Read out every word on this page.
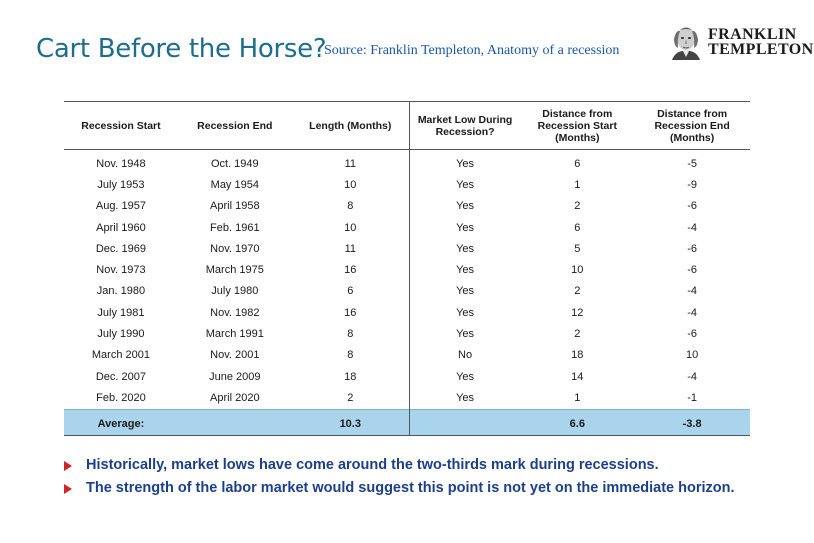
Cart Before the Horse?
Source: Franklin Templeton, Anatomy of a recession
FRANKLIN
TEMPLETON
Recession Start	Recession End	Length (Months)	Market Low During Recession?	Distance from Recession Start (Months)	Distance from Recession End (Months)
Nov. 1948	Oct. 1949	11	Yes	6	-5
July 1953	May 1954	10	Yes	1	-9
Aug. 1957	April 1958	8	Yes	2	-6
April 1960	Feb. 1961	10	Yes	6	-4
Dec. 1969	Nov. 1970	11	Yes	5	-6
Nov. 1973	March 1975	16	Yes	10	-6
Jan. 1980	July 1980	6	Yes	2	-4
July 1981	Nov. 1982	16	Yes	12	-4
July 1990	March 1991	8	Yes	2	-6
March 2001	Nov. 2001	8	No	18	10
Dec. 2007	June 2009	18	Yes	14	-4
Feb. 2020	April 2020	2	Yes	1	-1
Average:		10.3		6.6	-3.8
Historically, market lows have come around the two-thirds mark during recessions.
The strength of the labor market would suggest this point is not yet on the immediate horizon.
